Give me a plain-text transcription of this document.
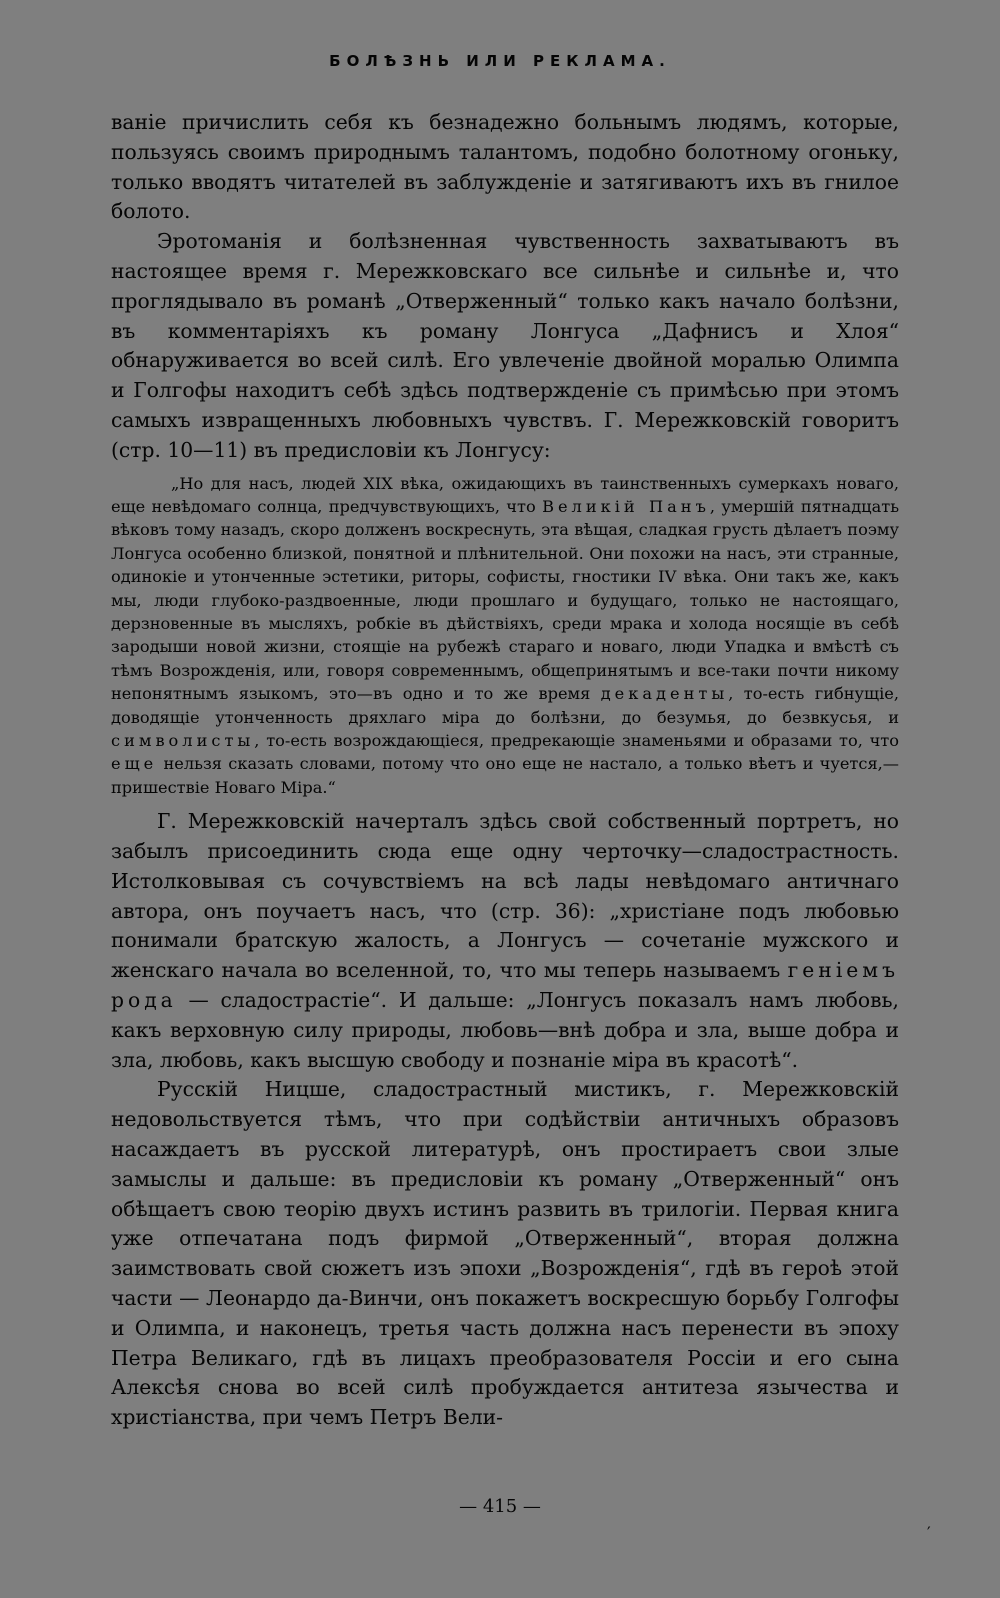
БОЛѢЗНЬ ИЛИ РЕКЛАМА.

ваніе причислить себя къ безнадежно больнымъ людямъ, которые, пользуясь своимъ природнымъ талантомъ, подобно болотному огоньку, только вводятъ читателей въ заблужденіе и затягиваютъ ихъ въ гнилое болото.

Эротоманія и болѣзненная чувственность захватываютъ въ настоящее время г. Мережковскаго все сильнѣе и сильнѣе и, что проглядывало въ романѣ „Отверженный“ только какъ начало болѣзни, въ комментаріяхъ къ роману Лонгуса „Дафнисъ и Хлоя“ обнаруживается во всей силѣ. Его увлеченіе двойной моралью Олимпа и Голгофы находитъ себѣ здѣсь подтвержденіе съ примѣсью при этомъ самыхъ извращенныхъ любовныхъ чувствъ. Г. Мережковскій говоритъ (стр. 10—11) въ предисловіи къ Лонгусу:

„Но для насъ, людей XIX вѣка, ожидающихъ въ таинственныхъ сумеркахъ новаго, еще невѣдомаго солнца, предчувствующихъ, что Великій Панъ, умершій пятнадцать вѣковъ тому назадъ, скоро долженъ воскреснуть, эта вѣщая, сладкая грусть дѣлаетъ поэму Лонгуса особенно близкой, понятной и плѣнительной. Они похожи на насъ, эти странные, одинокіе и утонченные эстетики, риторы, софисты, гностики IV вѣка. Они такъ же, какъ мы, люди глубоко-раздвоенные, люди прошлаго и будущаго, только не настоящаго, дерзновенные въ мысляхъ, робкіе въ дѣйствіяхъ, среди мрака и холода носящіе въ себѣ зародыши новой жизни, стоящіе на рубежѣ стараго и новаго, люди Упадка и вмѣстѣ съ тѣмъ Возрожденія, или, говоря современнымъ, общепринятымъ и все-таки почти никому непонятнымъ языкомъ, это—въ одно и то же время декаденты, то-есть гибнущіе, доводящіе утонченность дряхлаго міра до болѣзни, до безумья, до безвкусья, и символисты, то-есть возрождающіеся, предрекающіе знаменьями и образами то, что еще нельзя сказать словами, потому что оно еще не настало, а только вѣетъ и чуется,—пришествіе Новаго Міра.“

Г. Мережковскій начерталъ здѣсь свой собственный портретъ, но забылъ присоединить сюда еще одну черточку—сладострастность. Истолковывая съ сочувствіемъ на всѣ лады невѣдомаго античнаго автора, онъ поучаетъ насъ, что (стр. 36): „христіане подъ любовью понимали братскую жалость, а Лонгусъ — сочетаніе мужского и женскаго начала во вселенной, то, что мы теперь называемъ геніемъ рода — сладострастіе“. И дальше: „Лонгусъ показалъ намъ любовь, какъ верховную силу природы, любовь—внѣ добра и зла, выше добра и зла, любовь, какъ высшую свободу и познаніе міра въ красотѣ“.

Русскій Ницше, сладострастный мистикъ, г. Мережковскій недовольствуется тѣмъ, что при содѣйствіи античныхъ образовъ насаждаетъ въ русской литературѣ, онъ простираетъ свои злые замыслы и дальше: въ предисловіи къ роману „Отверженный“ онъ обѣщаетъ свою теорію двухъ истинъ развить въ трилогіи. Первая книга уже отпечатана подъ фирмой „Отверженный“, вторая должна заимствовать свой сюжетъ изъ эпохи „Возрожденія“, гдѣ въ героѣ этой части — Леонардо да-Винчи, онъ покажетъ воскресшую борьбу Голгофы и Олимпа, и наконецъ, третья часть должна насъ перенести въ эпоху Петра Великаго, гдѣ въ лицахъ преобразователя Россіи и его сына Алексѣя снова во всей силѣ пробуждается антитеза язычества и христіанства, при чемъ Петръ Вели-

— 415 —
′
